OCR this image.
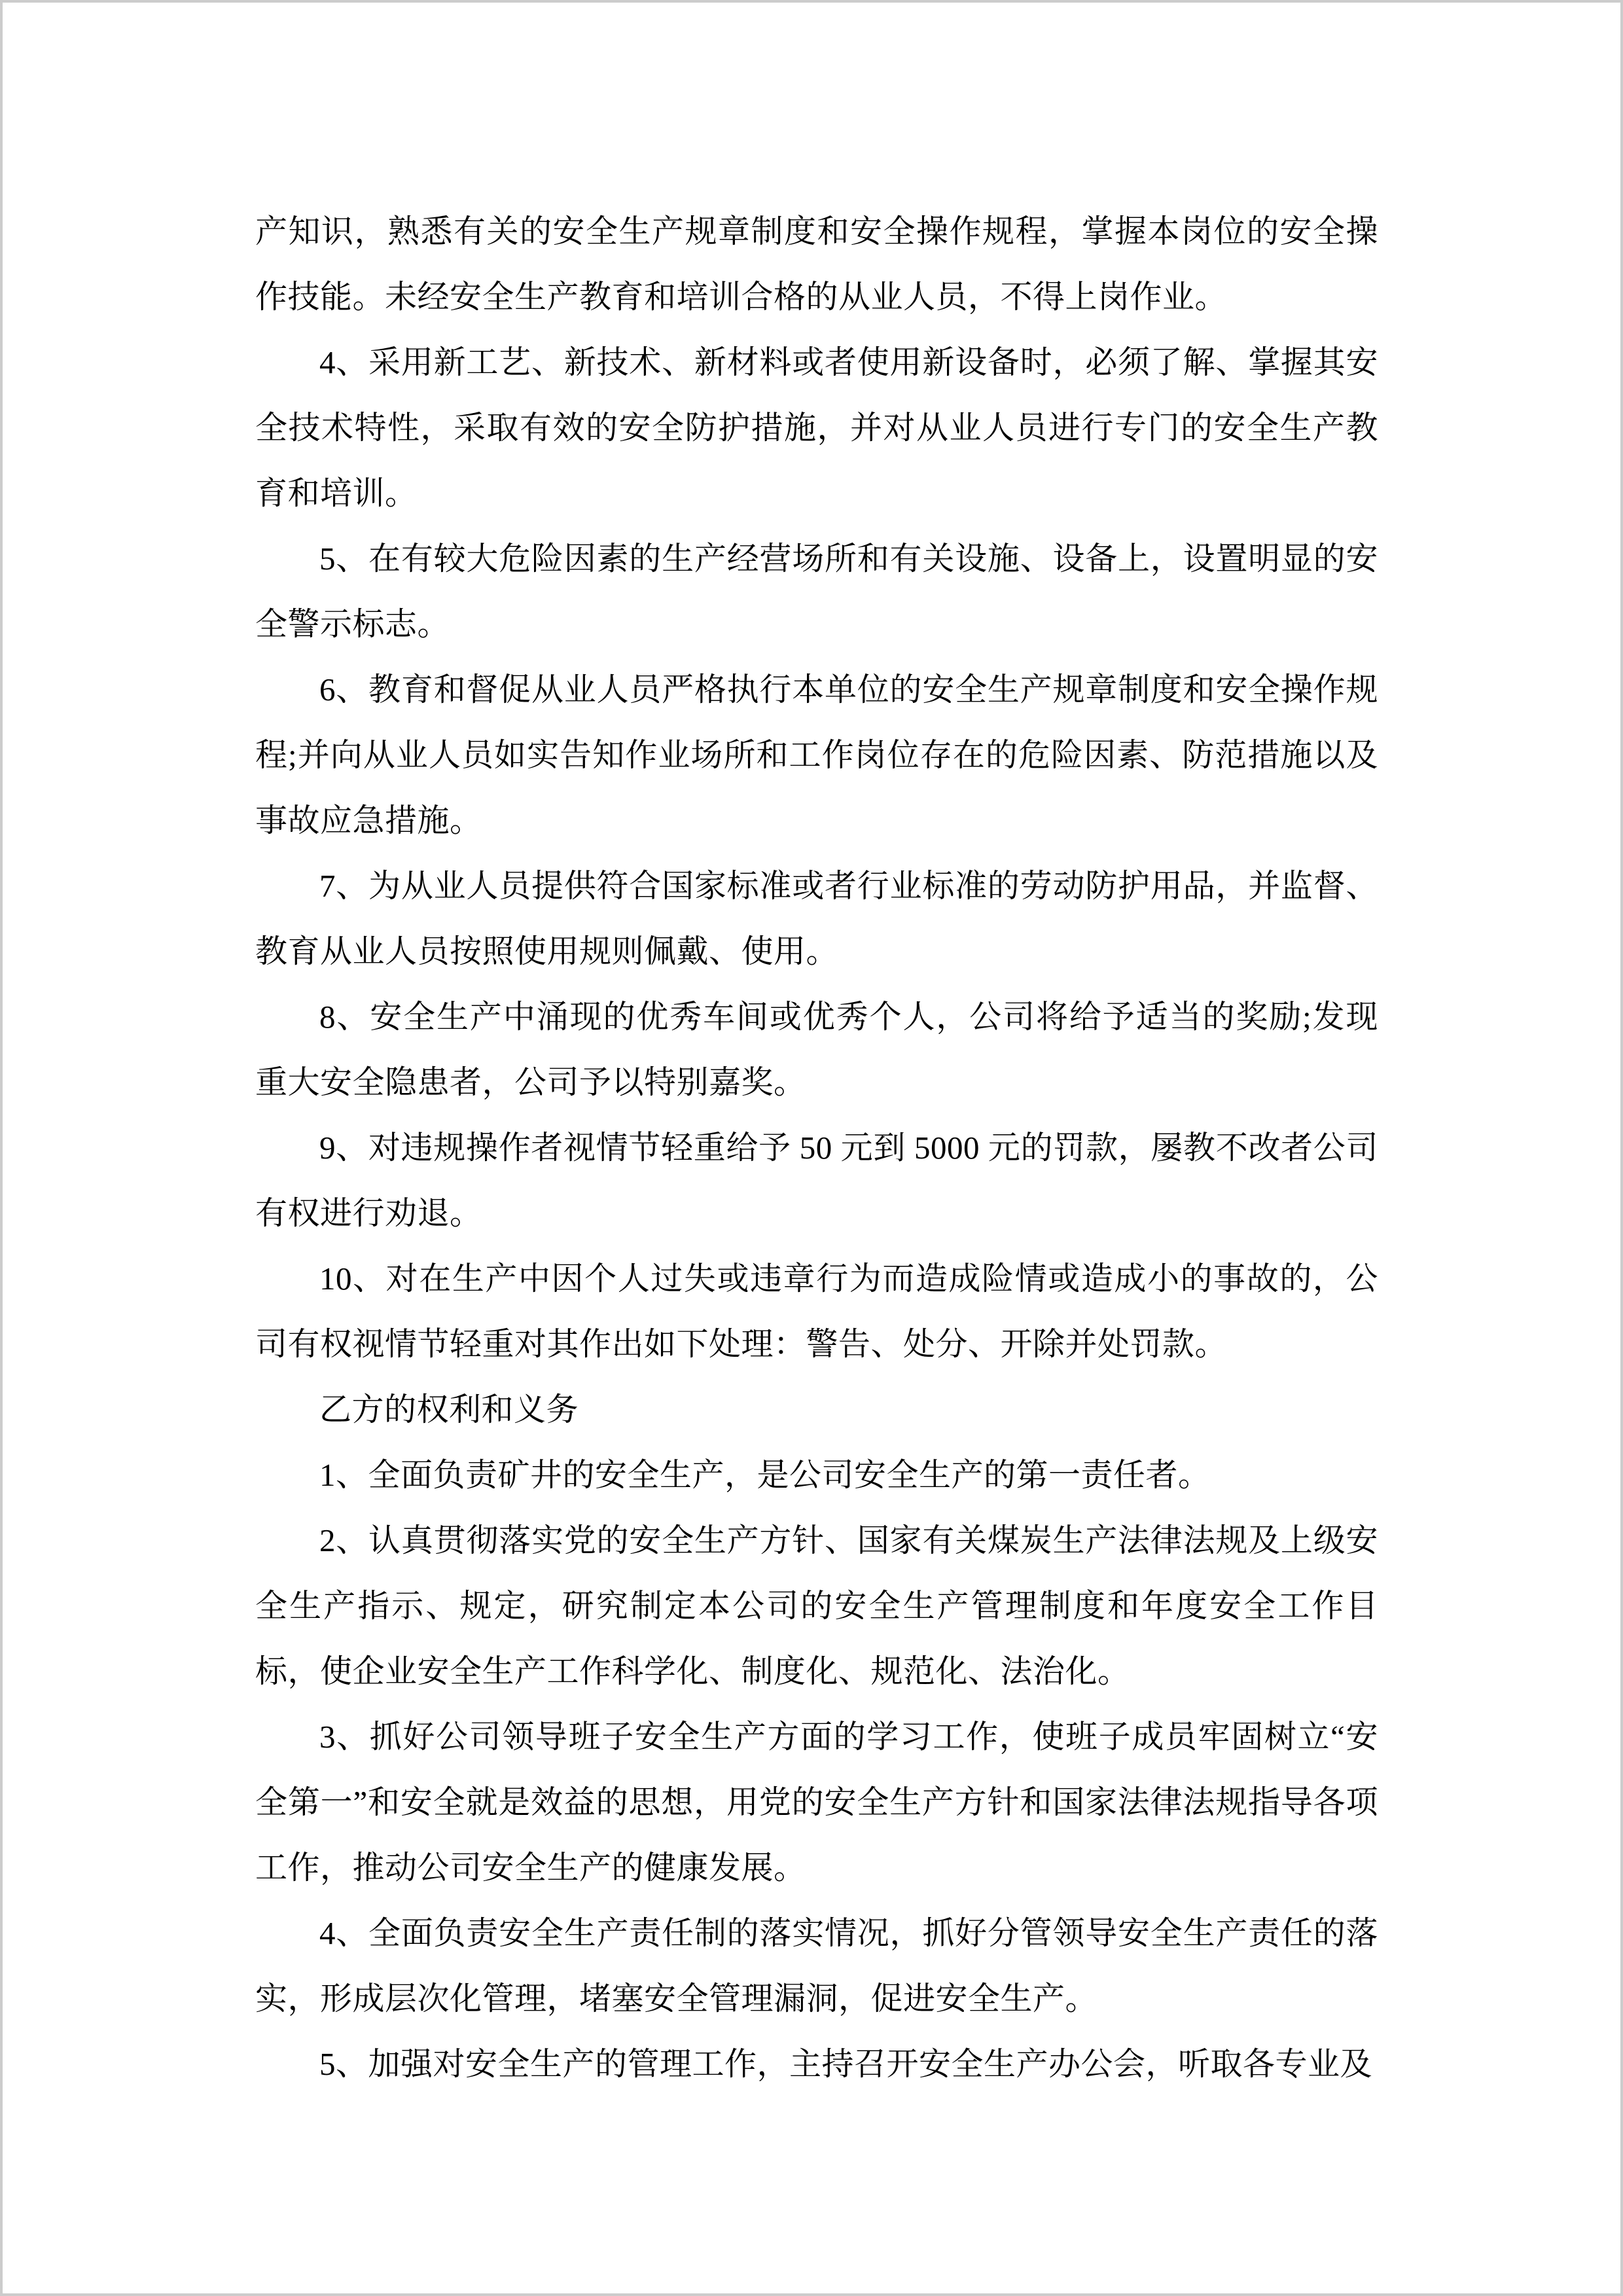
产知识，熟悉有关的安全生产规章制度和安全操作规程，掌握本岗位的安全操作技能。未经安全生产教育和培训合格的从业人员，不得上岗作业。

4、采用新工艺、新技术、新材料或者使用新设备时，必须了解、掌握其安全技术特性，采取有效的安全防护措施，并对从业人员进行专门的安全生产教育和培训。

5、在有较大危险因素的生产经营场所和有关设施、设备上，设置明显的安全警示标志。

6、教育和督促从业人员严格执行本单位的安全生产规章制度和安全操作规程;并向从业人员如实告知作业场所和工作岗位存在的危险因素、防范措施以及事故应急措施。

7、为从业人员提供符合国家标准或者行业标准的劳动防护用品，并监督、教育从业人员按照使用规则佩戴、使用。

8、安全生产中涌现的优秀车间或优秀个人，公司将给予适当的奖励;发现重大安全隐患者，公司予以特别嘉奖。

9、对违规操作者视情节轻重给予 50 元到 5000 元的罚款，屡教不改者公司有权进行劝退。

10、对在生产中因个人过失或违章行为而造成险情或造成小的事故的，公司有权视情节轻重对其作出如下处理：警告、处分、开除并处罚款。

乙方的权利和义务

1、全面负责矿井的安全生产，是公司安全生产的第一责任者。

2、认真贯彻落实党的安全生产方针、国家有关煤炭生产法律法规及上级安全生产指示、规定，研究制定本公司的安全生产管理制度和年度安全工作目标，使企业安全生产工作科学化、制度化、规范化、法治化。

3、抓好公司领导班子安全生产方面的学习工作，使班子成员牢固树立“安全第一”和安全就是效益的思想，用党的安全生产方针和国家法律法规指导各项工作，推动公司安全生产的健康发展。

4、全面负责安全生产责任制的落实情况，抓好分管领导安全生产责任的落实，形成层次化管理，堵塞安全管理漏洞，促进安全生产。

5、加强对安全生产的管理工作，主持召开安全生产办公会，听取各专业及
